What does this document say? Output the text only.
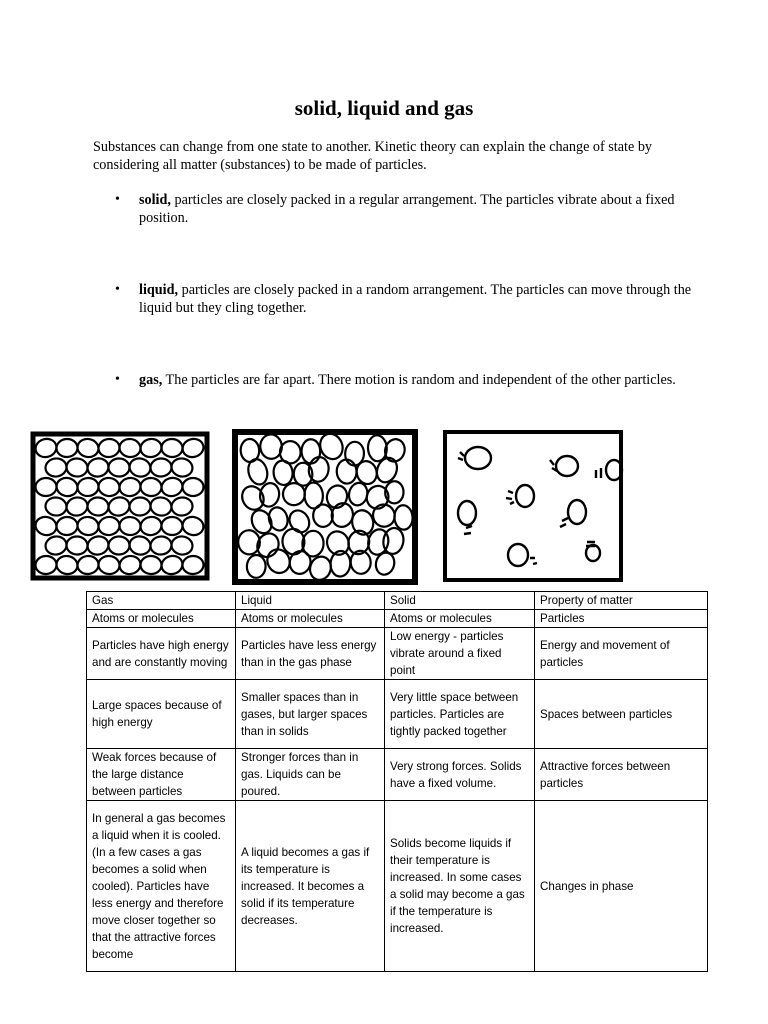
solid, liquid and gas
Substances can change from one state to another. Kinetic theory can explain the change of state by considering all matter (substances) to be made of particles.
•	solid, particles are closely packed in a regular arrangement. The particles vibrate about a fixed position.
•	liquid, particles are closely packed in a random arrangement. The particles can move through the liquid but they cling together.
•	gas, The particles are far apart. There motion is random and independent of the other particles.
Gas	Liquid	Solid	Property of matter
Atoms or molecules	Atoms or molecules	Atoms or molecules	Particles
Particles have high energy and are constantly moving	Particles have less energy than in the gas phase	Low energy - particles vibrate around a fixed point	Energy and movement of particles
Large spaces because of high energy	Smaller spaces than in gases, but larger spaces than in solids	Very little space between particles. Particles are tightly packed together	Spaces between particles
Weak forces because of the large distance between particles	Stronger forces than in gas. Liquids can be poured.	Very strong forces. Solids have a fixed volume.	Attractive forces between particles
In general a gas becomes a liquid when it is cooled. (In a few cases a gas becomes a solid when cooled). Particles have less energy and therefore move closer together so that the attractive forces become	A liquid becomes a gas if its temperature is increased. It becomes a solid if its temperature decreases.	Solids become liquids if their temperature is increased. In some cases a solid may become a gas if the temperature is increased.	Changes in phase
